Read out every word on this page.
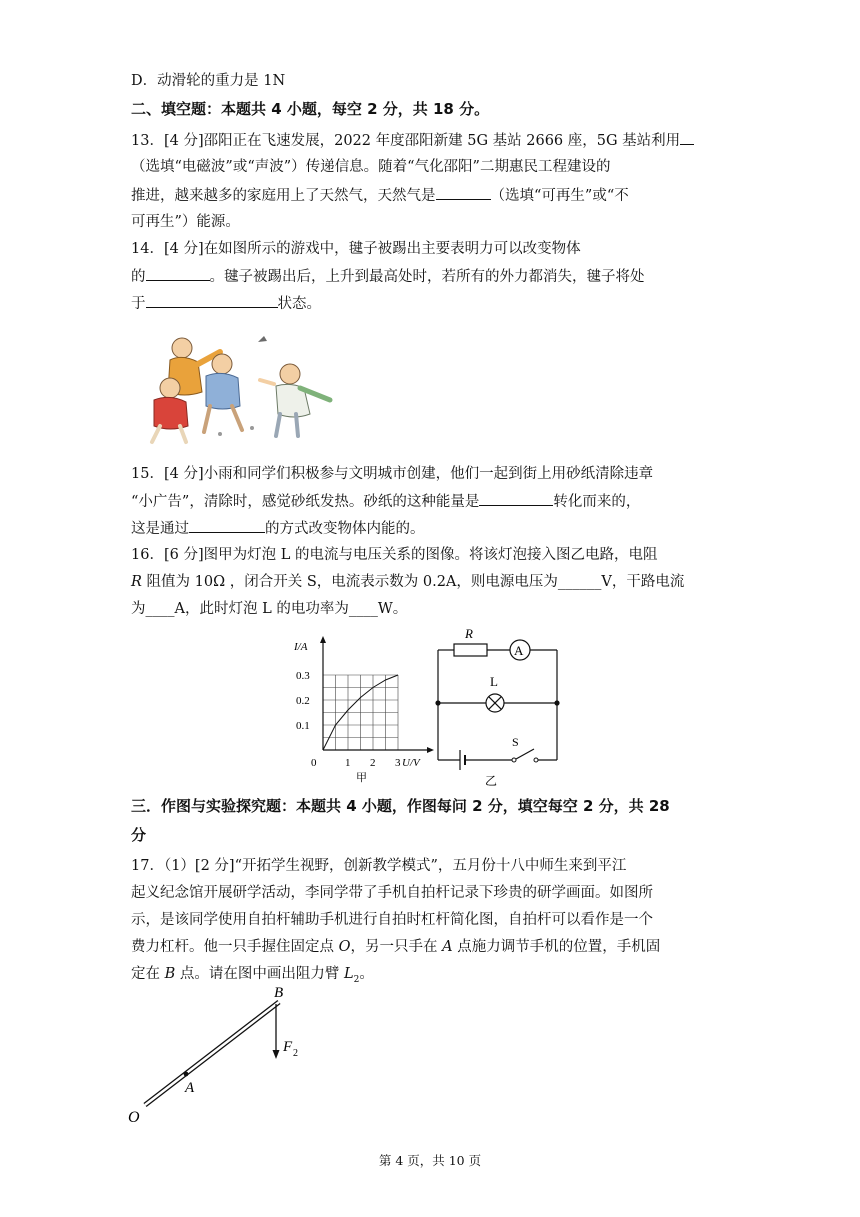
D．动滑轮的重力是 1N
二、填空题：本题共 4 小题，每空 2 分，共 18 分。
13．[4 分]邵阳正在飞速发展，2022 年度邵阳新建 5G 基站 2666 座，5G 基站利用
（选填“电磁波”或“声波”）传递信息。随着“气化邵阳”二期惠民工程建设的
推进，越来越多的家庭用上了天然气，天然气是	（选填“可再生”或“不
可再生”）能源。
14．[4 分]在如图所示的游戏中，毽子被踢出主要表明力可以改变物体
的	。毽子被踢出后，上升到最高处时，若所有的外力都消失，毽子将处
于	状态。
15．[4 分]小雨和同学们积极参与文明城市创建，他们一起到街上用砂纸清除违章
“小广告”，清除时，感觉砂纸发热。砂纸的这种能量是	转化而来的，
这是通过	的方式改变物体内能的。
16．[6 分]图甲为灯泡 L 的电流与电压关系的图像。将该灯泡接入图乙电路，电阻
R 阻值为 10Ω ，闭合开关 S，电流表示数为 0.2A，则电源电压为______V，干路电流
为____A，此时灯泡 L 的电功率为____W。
I/A
U/V
0.3
0.2
0.1
0	1 2 3
甲
A
R
L
S
乙
三．作图与实验探究题：本题共 4 小题，作图每问 2 分，填空每空 2 分，共 28
分
17．（1）[2 分]“开拓学生视野，创新教学模式”，五月份十八中师生来到平江
起义纪念馆开展研学活动，李同学带了手机自拍杆记录下珍贵的研学画面。如图所
示，是该同学使用自拍杆辅助手机进行自拍时杠杆简化图，自拍杆可以看作是一个
费力杠杆。他一只手握住固定点 O，另一只手在 A 点施力调节手机的位置，手机固
定在 B 点。请在图中画出阻力臂 $L_2$。
B
A
O
F 2
第 4 页，共 10 页
